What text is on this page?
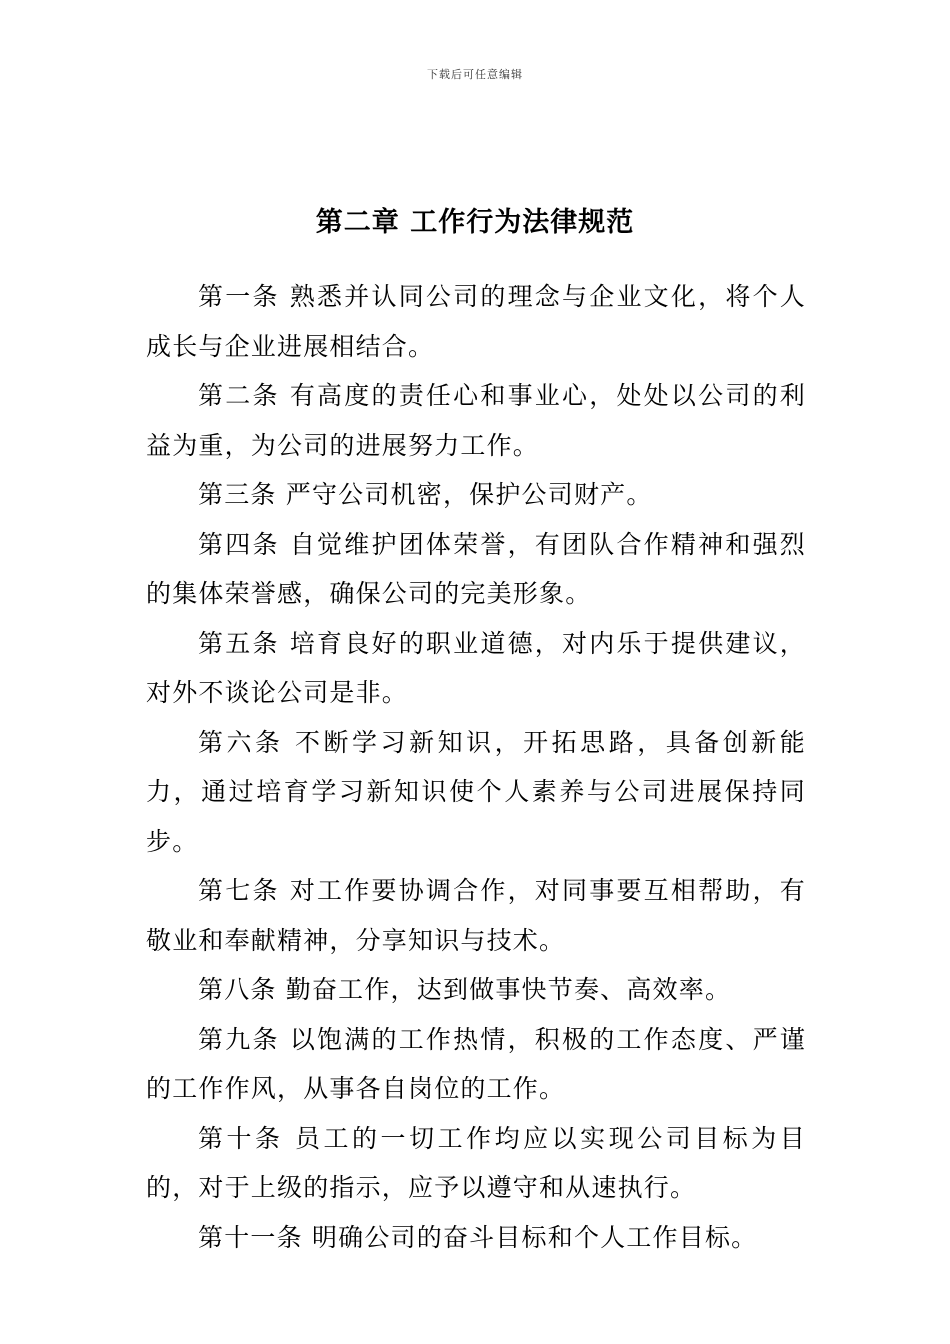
下载后可任意编辑
第二章 工作行为法律规范

第一条 熟悉并认同公司的理念与企业文化，将个人成长与企业进展相结合。

第二条 有高度的责任心和事业心，处处以公司的利益为重，为公司的进展努力工作。

第三条 严守公司机密，保护公司财产。

第四条 自觉维护团体荣誉，有团队合作精神和强烈的集体荣誉感，确保公司的完美形象。

第五条 培育良好的职业道德，对内乐于提供建议，对外不谈论公司是非。

第六条 不断学习新知识，开拓思路，具备创新能力，通过培育学习新知识使个人素养与公司进展保持同步。

第七条 对工作要协调合作，对同事要互相帮助，有敬业和奉献精神，分享知识与技术。

第八条 勤奋工作，达到做事快节奏、高效率。

第九条 以饱满的工作热情，积极的工作态度、严谨的工作作风，从事各自岗位的工作。

第十条 员工的一切工作均应以实现公司目标为目的，对于上级的指示，应予以遵守和从速执行。

第十一条 明确公司的奋斗目标和个人工作目标。
